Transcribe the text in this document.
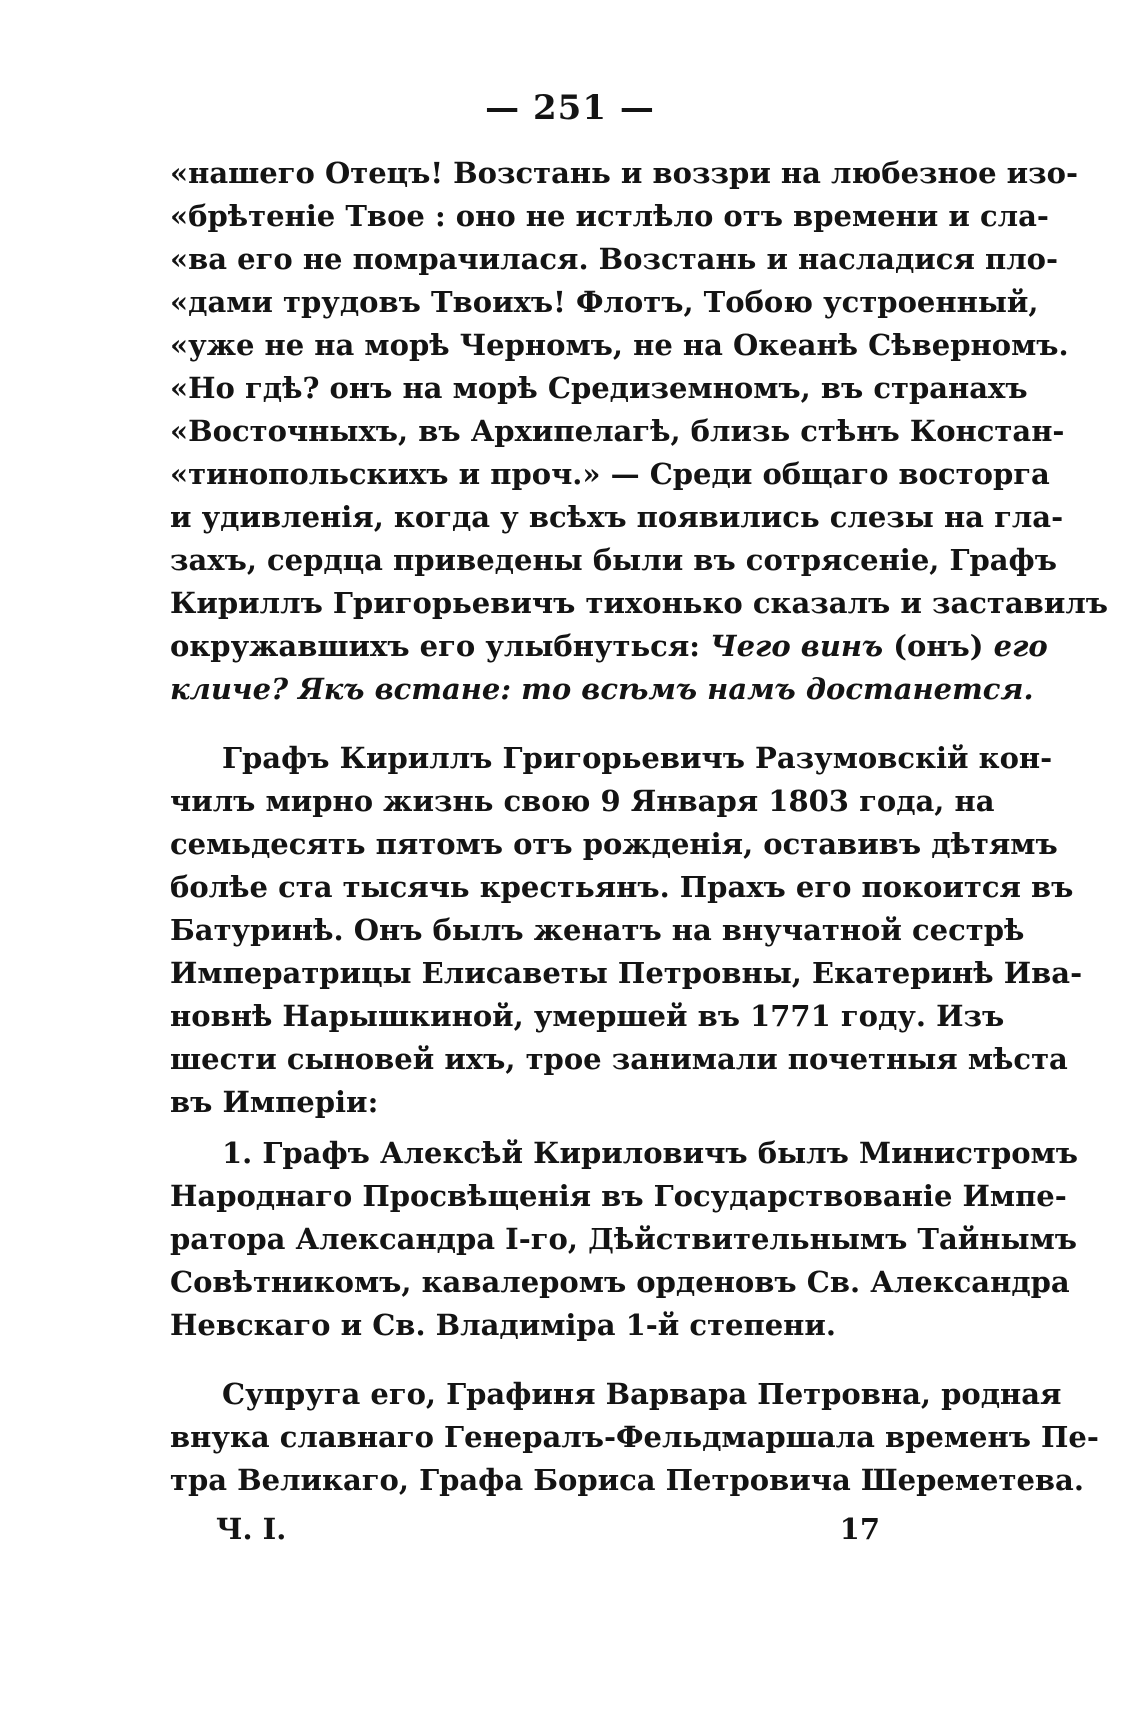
— 251 —
«нашего Отецъ! Возстань и воззри на любезное изо-
«брѣтеніе Твое : оно не истлѣло отъ времени и сла-
«ва его не помрачилася. Возстань и насладися пло-
«дами трудовъ Твоихъ! Флотъ, Тобою устроенный,
«уже не на морѣ Черномъ, не на Океанѣ Сѣверномъ.
«Но гдѣ? онъ на морѣ Средиземномъ, въ странахъ
«Восточныхъ, въ Архипелагѣ, близь стѣнъ Констан-
«тинопольскихъ и проч.» — Среди общаго восторга
и удивленія, когда у всѣхъ появились слезы на гла-
захъ, сердца приведены были въ сотрясеніе, Графъ
Кириллъ Григорьевичъ тихонько сказалъ и заставилъ
окружавшихъ его улыбнуться: Чего винъ (онъ) его
кличе? Якъ встане: то всѣмъ намъ достанется.
Графъ Кириллъ Григорьевичъ Разумовскій кон-
чилъ мирно жизнь свою 9 Января 1803 года, на
семьдесять пятомъ отъ рожденія, оставивъ дѣтямъ
болѣе ста тысячь крестьянъ. Прахъ его покоится въ
Батуринѣ. Онъ былъ женатъ на внучатной сестрѣ
Императрицы Елисаветы Петровны, Екатеринѣ Ива-
новнѣ Нарышкиной, умершей въ 1771 году. Изъ
шести сыновей ихъ, трое занимали почетныя мѣста
въ Имперіи:
1. Графъ Алексѣй Кириловичъ былъ Министромъ
Народнаго Просвѣщенія въ Государствованіе Импе-
ратора Александра I-го, Дѣйствительнымъ Тайнымъ
Совѣтникомъ, кавалеромъ орденовъ Св. Александра
Невскаго и Св. Владиміра 1-й степени.
Супруга его, Графиня Варвара Петровна, родная
внука славнаго Генералъ-Фельдмаршала временъ Пе-
тра Великаго, Графа Бориса Петровича Шереметева.
Ч. I.	17
